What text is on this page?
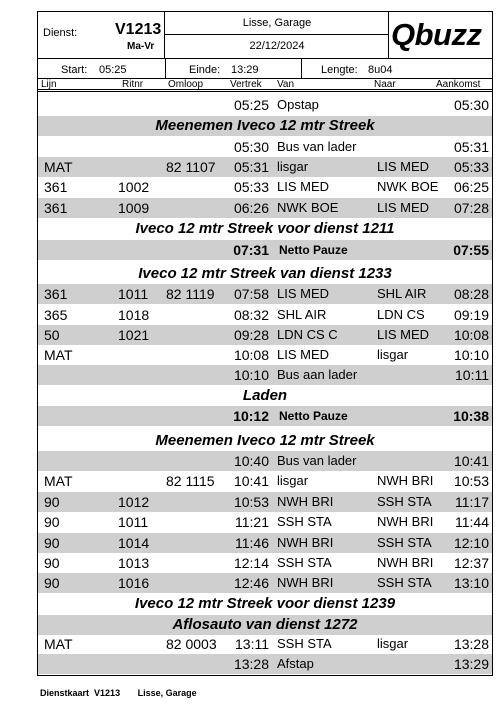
Dienst: V1213
Ma-Vr
Lisse, Garage
22/12/2024	Qbuzz
Start: 05:25	Einde: 13:29	Lengte: 8u04
Lijn	Ritnr Omloop	Vertrek Van	Naar	Aankomst
05:25 Opstap	05:30
Meenemen Iveco 12 mtr Streek
05:30 Bus van lader	05:31
MAT	82 1107	05:31 lisgar	LIS MED 05:33
361	1002	05:33 LIS MED	NWK BOE 06:25
361	1009	06:26 NWK BOE	LIS MED 07:28
Iveco 12 mtr Streek voor dienst 1211
07:31 Netto Pauze	07:55
Iveco 12 mtr Streek van dienst 1233
361	1011 82 1119	07:58 LIS MED	SHL AIR 08:28
365	1018	08:32 SHL AIR	LDN CS 09:19
50	1021	09:28 LDN CS C	LIS MED 10:08
MAT	10:08 LIS MED	lisgar	10:10
10:10 Bus aan lader	10:11
Laden
10:12 Netto Pauze	10:38
Meenemen Iveco 12 mtr Streek
10:40 Bus van lader	10:41
MAT	82 1115	10:41 lisgar	NWH BRI 10:53
90	1012	10:53 NWH BRI	SSH STA 11:17
90	1011	11:21 SSH STA	NWH BRI 11:44
90	1014	11:46 NWH BRI	SSH STA 12:10
90	1013	12:14 SSH STA	NWH BRI 12:37
90	1016	12:46 NWH BRI	SSH STA 13:10
Iveco 12 mtr Streek voor dienst 1239
Aflosauto van dienst 1272
MAT	82 0003	13:11 SSH STA	lisgar	13:28
13:28 Afstap	13:29
Dienstkaart V1213 Lisse, Garage
